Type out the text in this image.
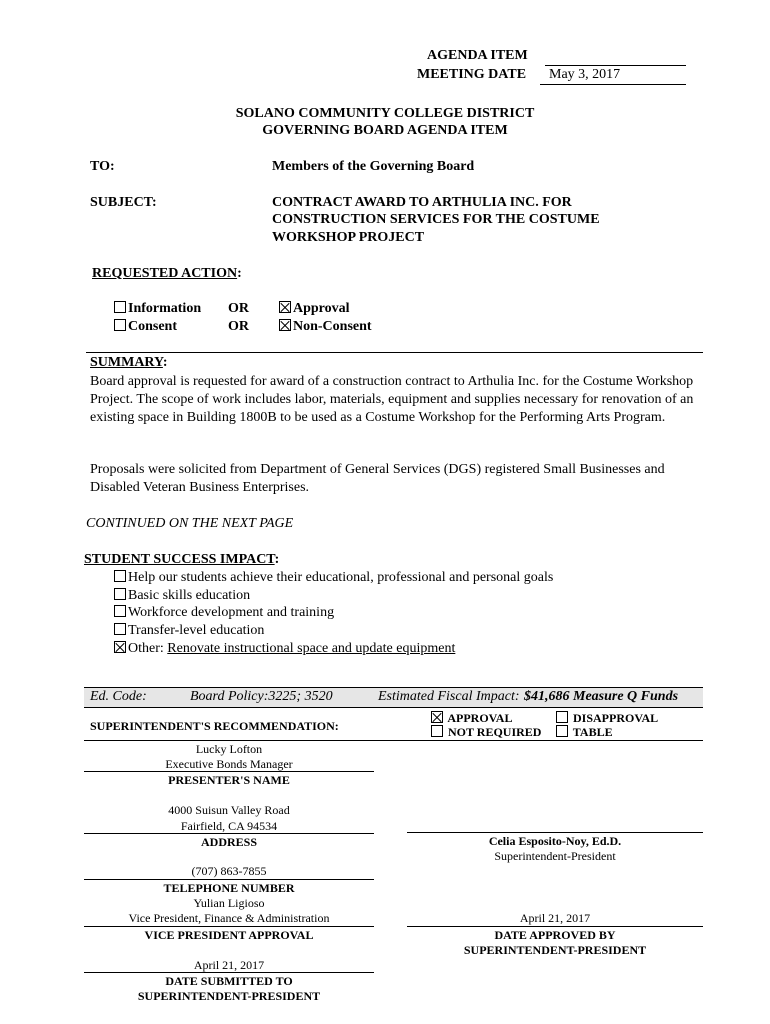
AGENDA ITEM
MEETING DATE May 3, 2017
SOLANO COMMUNITY COLLEGE DISTRICT
GOVERNING BOARD AGENDA ITEM
TO:	Members of the Governing Board
SUBJECT:	CONTRACT AWARD TO ARTHULIA INC. FOR
CONSTRUCTION SERVICES FOR THE COSTUME
WORKSHOP PROJECT
REQUESTED ACTION:
Information OR	Approval
Consent	OR	Non-Consent
SUMMARY:
Board approval is requested for award of a construction contract to Arthulia Inc. for the Costume Workshop Project. The scope of work includes labor, materials, equipment and supplies necessary for renovation of an existing space in Building 1800B to be used as a Costume Workshop for the Performing Arts Program.
Proposals were solicited from Department of General Services (DGS) registered Small Businesses and Disabled Veteran Business Enterprises.
CONTINUED ON THE NEXT PAGE
STUDENT SUCCESS IMPACT:
Help our students achieve their educational, professional and personal goals
Basic skills education
Workforce development and training
Transfer-level education
Other: Renovate instructional space and update equipment
Ed. Code:	Board Policy:3225; 3520	Estimated Fiscal Impact: $41,686 Measure Q Funds
SUPERINTENDENT'S RECOMMENDATION:
APPROVAL	DISAPPROVAL
NOT REQUIRED	TABLE
Lucky Lofton
Executive Bonds Manager
PRESENTER'S NAME
4000 Suisun Valley Road
Fairfield, CA 94534
ADDRESS
(707) 863-7855
TELEPHONE NUMBER
Yulian Ligioso
Vice President, Finance & Administration
VICE PRESIDENT APPROVAL
April 21, 2017
DATE SUBMITTED TO
SUPERINTENDENT-PRESIDENT
Celia Esposito-Noy, Ed.D.
Superintendent-President
April 21, 2017
DATE APPROVED BY
SUPERINTENDENT-PRESIDENT
